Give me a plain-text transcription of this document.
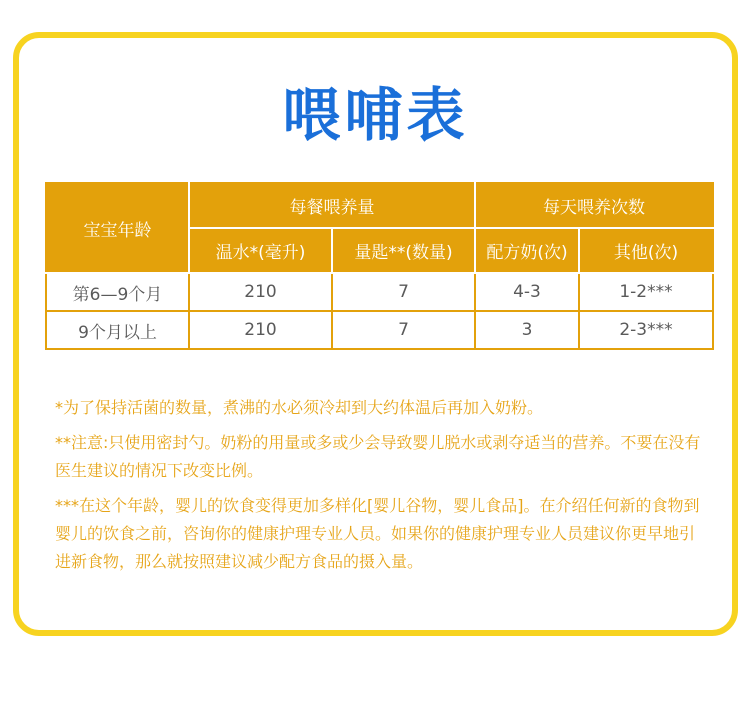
喂哺表
宝宝年龄	每餐喂养量		每天喂养次数	
	温水*(毫升)	量匙**(数量)	配方奶(次)	其他(次)
第6—9个月	210	7	4-3	1-2***
9个月以上	210	7	3	2-3***

*为了保持活菌的数量，煮沸的水必须冷却到大约体温后再加入奶粉。

**注意:只使用密封勺。奶粉的用量或多或少会导致婴儿脱水或剥夺适当的营养。不要在没有医生建议的情况下改变比例。

***在这个年龄，婴儿的饮食变得更加多样化[婴儿谷物，婴儿食品]。在介绍任何新的食物到婴儿的饮食之前，咨询你的健康护理专业人员。如果你的健康护理专业人员建议你更早地引进新食物，那么就按照建议减少配方食品的摄入量。
